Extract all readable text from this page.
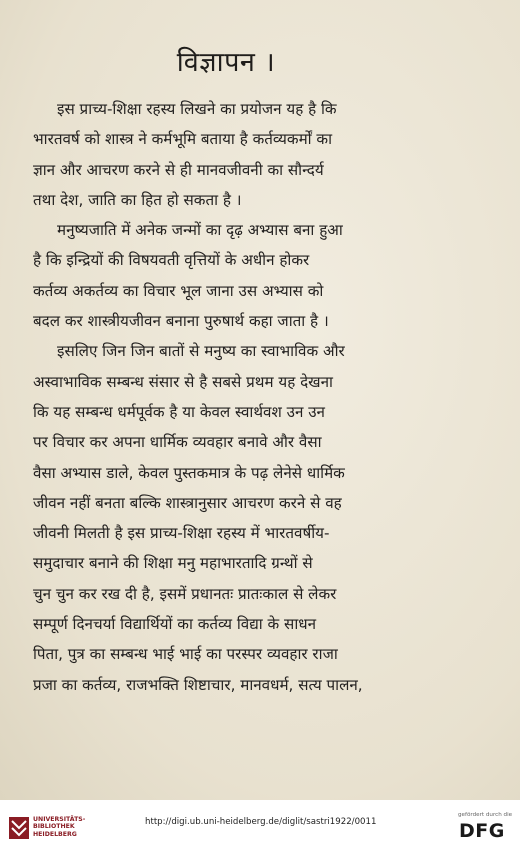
विज्ञापन ।
इस प्राच्य-शिक्षा रहस्य लिखने का प्रयोजन यह है कि
भारतवर्ष को शास्त्र ने कर्मभूमि बताया है कर्तव्यकर्मों का
ज्ञान और आचरण करने से ही मानवजीवनी का सौन्दर्य
तथा देश, जाति का हित हो सकता है ।
मनुष्यजाति में अनेक जन्मों का दृढ़ अभ्यास बना हुआ
है कि इन्द्रियों की विषयवती वृत्तियों के अधीन होकर
कर्तव्य अकर्तव्य का विचार भूल जाना उस अभ्यास को
बदल कर शास्त्रीयजीवन बनाना पुरुषार्थ कहा जाता है ।
इसलिए जिन जिन बातों से मनुष्य का स्वाभाविक और
अस्वाभाविक सम्बन्ध संसार से है सबसे प्रथम यह देखना
कि यह सम्बन्ध धर्मपूर्वक है या केवल स्वार्थवश उन उन
पर विचार कर अपना धार्मिक व्यवहार बनावे और वैसा
वैसा अभ्यास डाले, केवल पुस्तकमात्र के पढ़ लेनेसे धार्मिक
जीवन नहीं बनता बल्कि शास्त्रानुसार आचरण करने से वह
जीवनी मिलती है इस प्राच्य-शिक्षा रहस्य में भारतवर्षीय-
समुदाचार बनाने की शिक्षा मनु महाभारतादि ग्रन्थों से
चुन चुन कर रख दी है, इसमें प्रधानतः प्रातःकाल से लेकर
सम्पूर्ण दिनचर्या विद्यार्थियों का कर्तव्य विद्या के साधन
पिता, पुत्र का सम्बन्ध भाई भाई का परस्पर व्यवहार राजा
प्रजा का कर्तव्य, राजभक्ति शिष्टाचार, मानवधर्म, सत्य पालन,
UNIVERSITÄTS-
BIBLIOTHEK
HEIDELBERG
http://digi.ub.uni-heidelberg.de/diglit/sastri1922/0011
gefördert durch die
DFG
